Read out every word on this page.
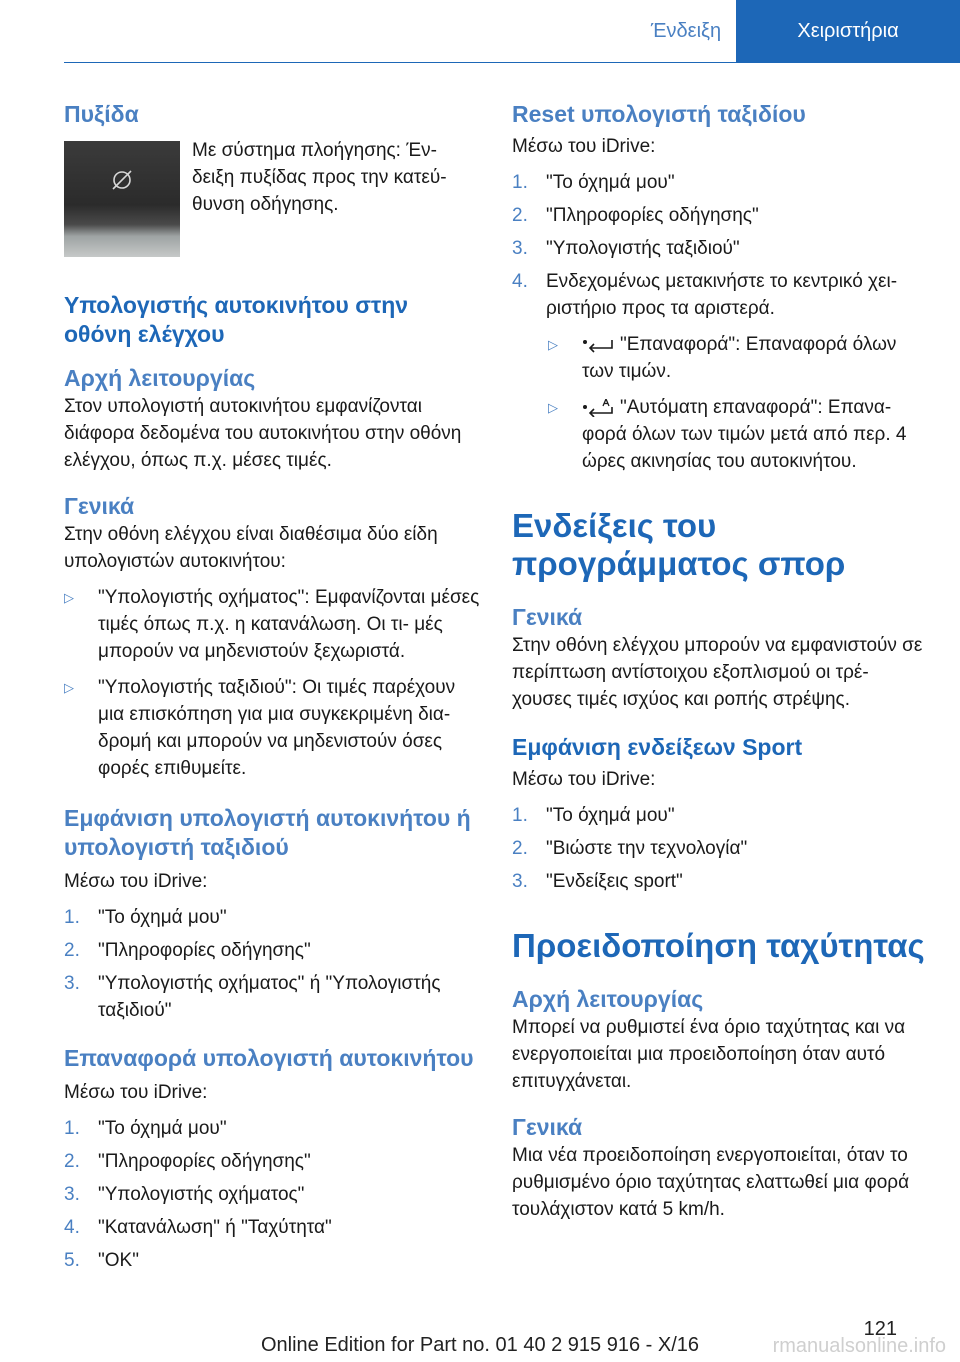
Ένδειξη	Χειριστήρια
Πυξίδα

Με σύστημα πλοήγησης: Έν- δειξη πυξίδας προς την κατεύ- θυνση οδήγησης.

Υπολογιστής αυτοκινήτου στην οθόνη ελέγχου
Αρχή λειτουργίας

Στον υπολογιστή αυτοκινήτου εμφανίζονται διάφορα δεδομένα του αυτοκινήτου στην οθόνη ελέγχου, όπως π.χ. μέσες τιμές.

Γενικά

Στην οθόνη ελέγχου είναι διαθέσιμα δύο είδη υπολογιστών αυτοκινήτου:

▷	"Υπολογιστής οχήματος": Εμφανίζονται μέσες τιμές όπως π.χ. η κατανάλωση. Οι τι- μές μπορούν να μηδενιστούν ξεχωριστά.
▷	"Υπολογιστής ταξιδιού": Οι τιμές παρέχουν μια επισκόπηση για μια συγκεκριμένη δια- δρομή και μπορούν να μηδενιστούν όσες φορές επιθυμείτε.
Εμφάνιση υπολογιστή αυτοκινήτου ή υπολογιστή ταξιδιού

Μέσω του iDrive:

1. "Το όχημά μου"
2. "Πληροφορίες οδήγησης"
3. "Υπολογιστής οχήματος" ή "Υπολογιστής ταξιδιού"
Επαναφορά υπολογιστή αυτοκινήτου

Μέσω του iDrive:

1. "Το όχημά μου"
2. "Πληροφορίες οδήγησης"
3. "Υπολογιστής οχήματος"
4. "Κατανάλωση" ή "Ταχύτητα"
5. "OK"
Reset υπολογιστή ταξιδίου

Μέσω του iDrive:

1. "Το όχημά μου"
2. "Πληροφορίες οδήγησης"
3. "Υπολογιστής ταξιδιού"
4. Ενδεχομένως μετακινήστε το κεντρικό χει- ριστήριο προς τα αριστερά.
▷	"Επαναφορά": Επαναφορά όλων των τιμών.
▷	"Αυτόματη επαναφορά": Επανα- φορά όλων των τιμών μετά από περ. 4 ώρες ακινησίας του αυτοκινήτου.
Ενδείξεις του προγράμματος σπορ
Γενικά

Στην οθόνη ελέγχου μπορούν να εμφανιστούν σε περίπτωση αντίστοιχου εξοπλισμού οι τρέ- χουσες τιμές ισχύος και ροπής στρέψης.

Εμφάνιση ενδείξεων Sport

Μέσω του iDrive:

1. "Το όχημά μου"
2. "Βιώστε την τεχνολογία"
3. "Ενδείξεις sport"
Προειδοποίηση ταχύτητας
Αρχή λειτουργίας

Μπορεί να ρυθμιστεί ένα όριο ταχύτητας και να ενεργοποιείται μια προειδοποίηση όταν αυτό επιτυγχάνεται.

Γενικά

Μια νέα προειδοποίηση ενεργοποιείται, όταν το ρυθμισμένο όριο ταχύτητας ελαττωθεί μια φορά τουλάχιστον κατά 5 km/h.

121
Online Edition for Part no. 01 40 2 915 916 - X/16	rmanualsonline.info
